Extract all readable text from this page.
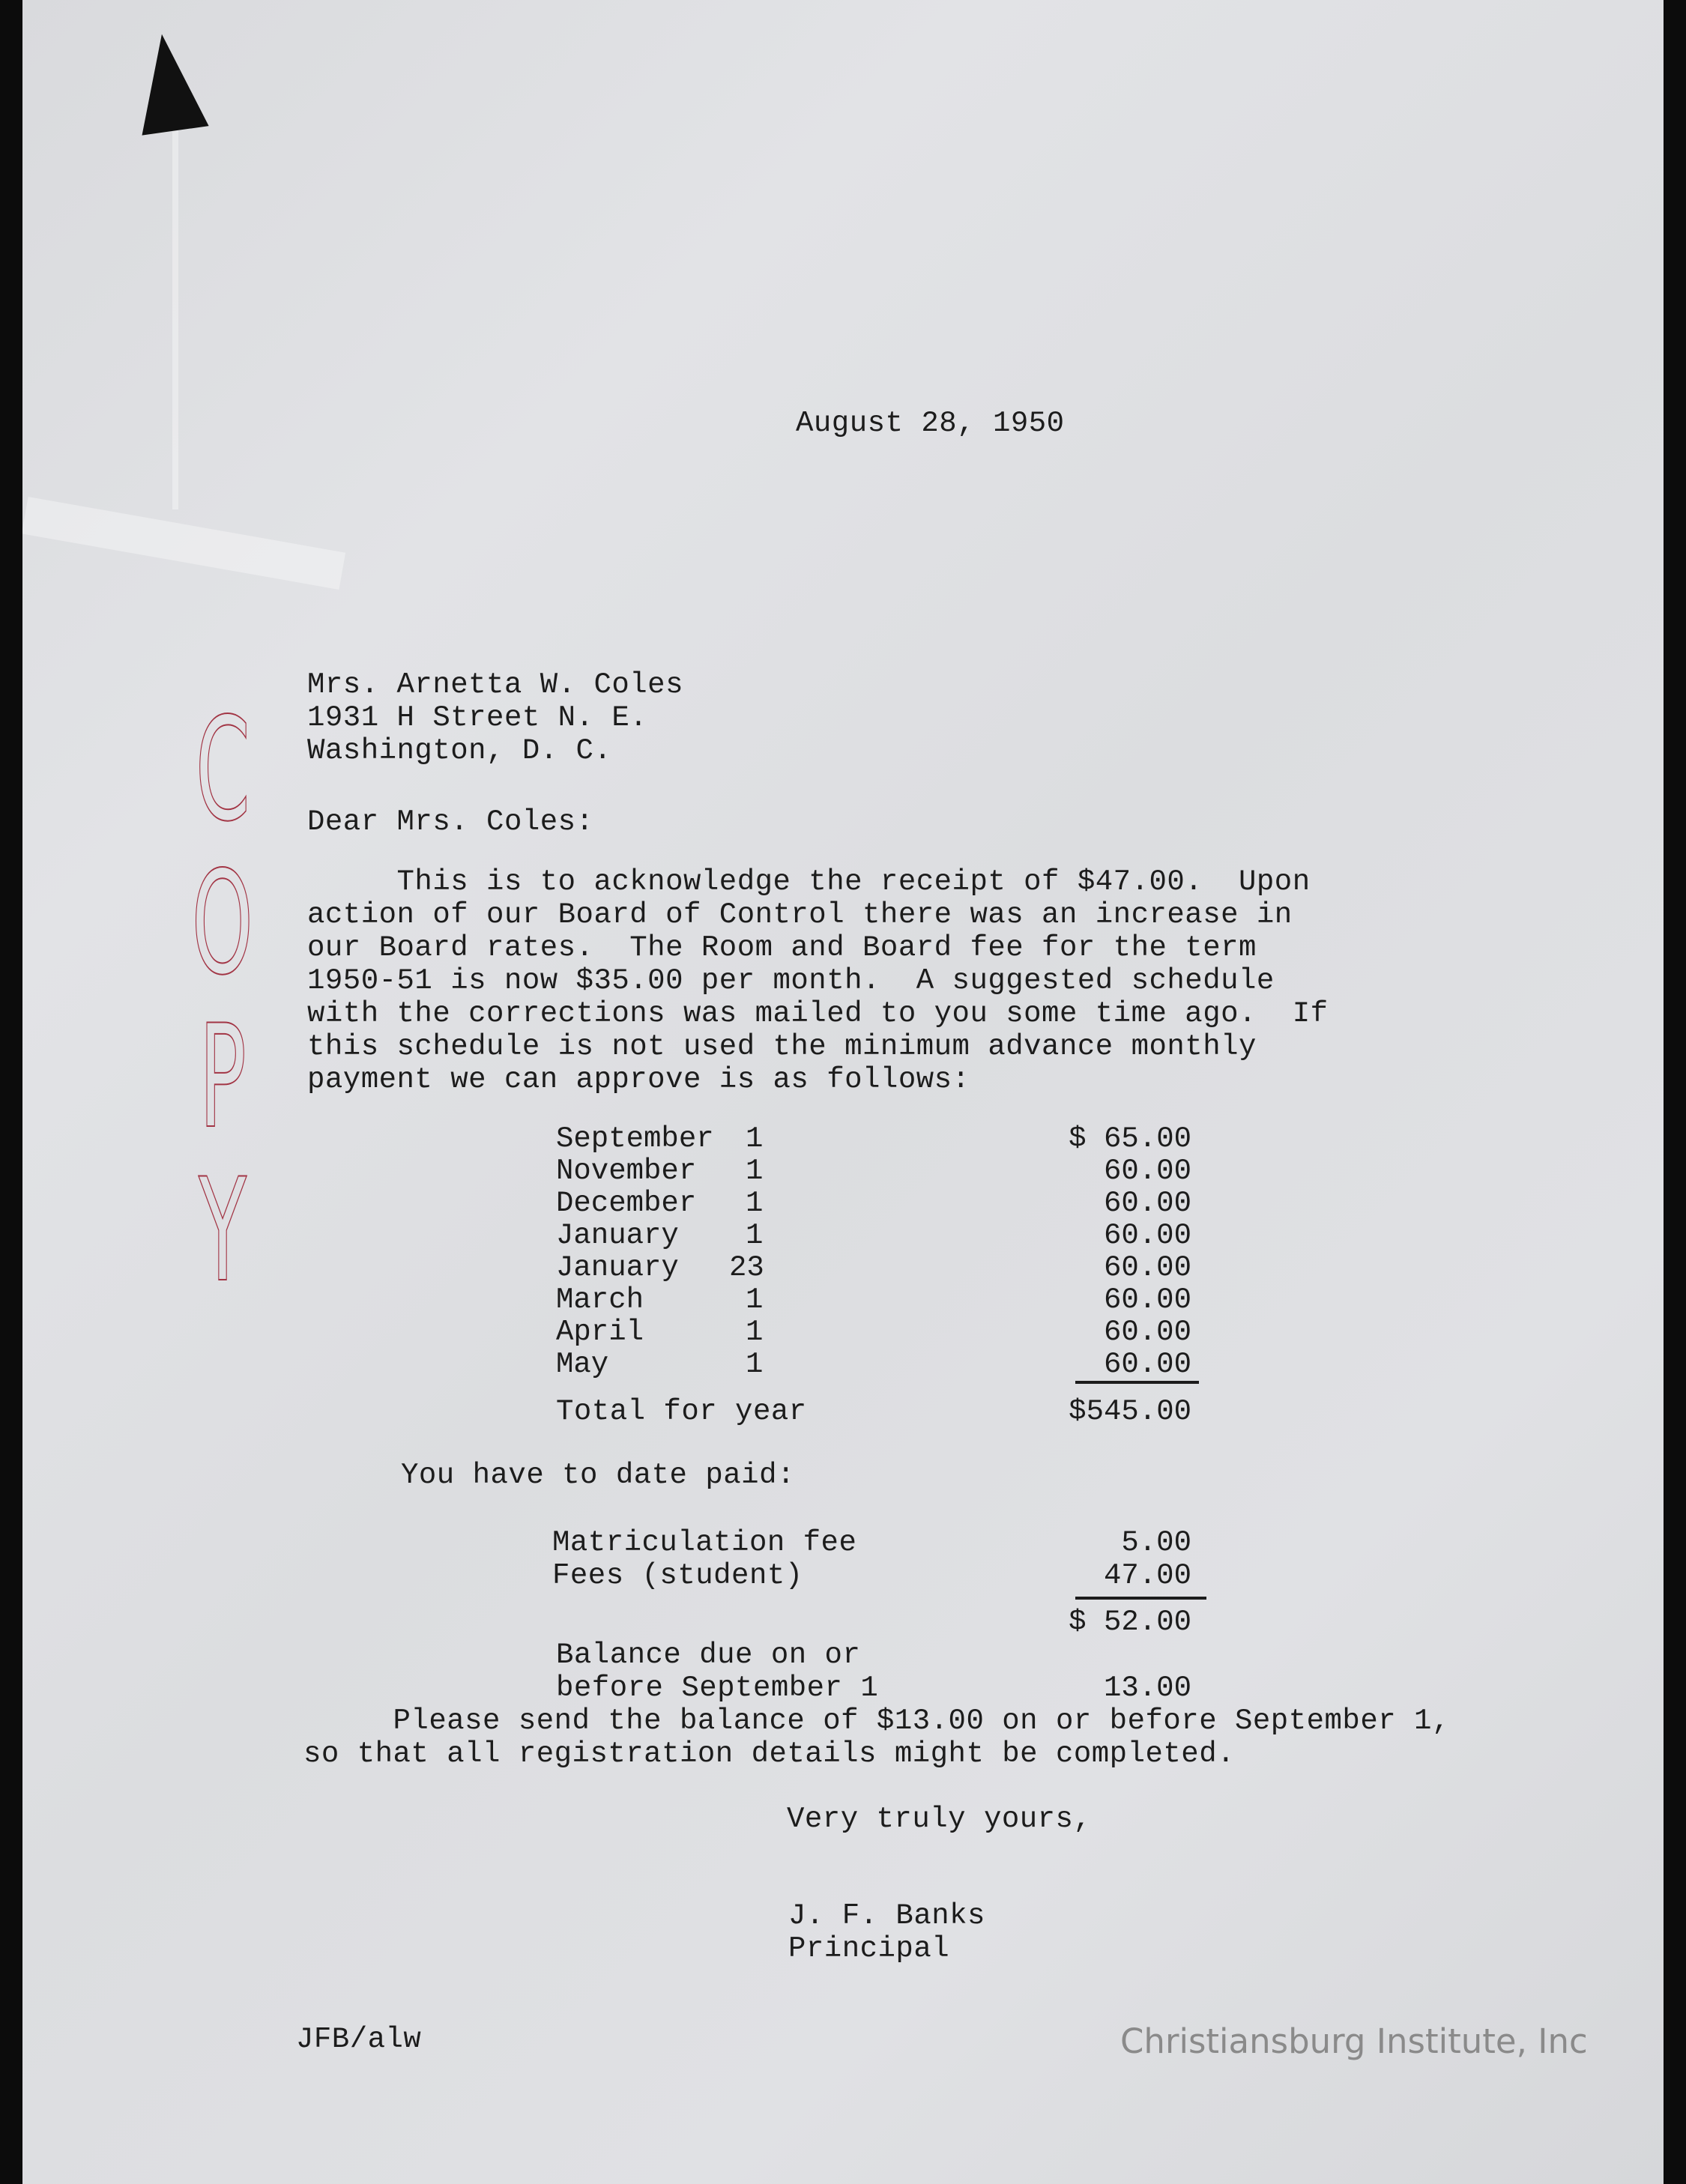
August 28, 1950
Mrs. Arnetta W. Coles
1931 H Street N. E.
Washington, D. C.
Dear Mrs. Coles:
This is to acknowledge the receipt of $47.00.  Upon
action of our Board of Control there was an increase in
our Board rates.  The Room and Board fee for the term
1950-51 is now $35.00 per month.  A suggested schedule
with the corrections was mailed to you some time ago.  If
this schedule is not used the minimum advance monthly
payment we can approve is as follows:
September 1	$ 65.00
November 1	60.00
December 1	60.00
January 1	60.00
January 23	60.00
March	1	60.00
April	1	60.00
May	1	60.00
Total for year	$545.00
You have to date paid:
Matriculation fee	5.00
Fees (student)	47.00
$ 52.00
Balance due on or
before September 1	13.00
Please send the balance of $13.00 on or before September 1,
so that all registration details might be completed.
Very truly yours,
J. F. Banks
Principal
JFB/alw
C
O
P
Y
Christiansburg Institute, Inc
